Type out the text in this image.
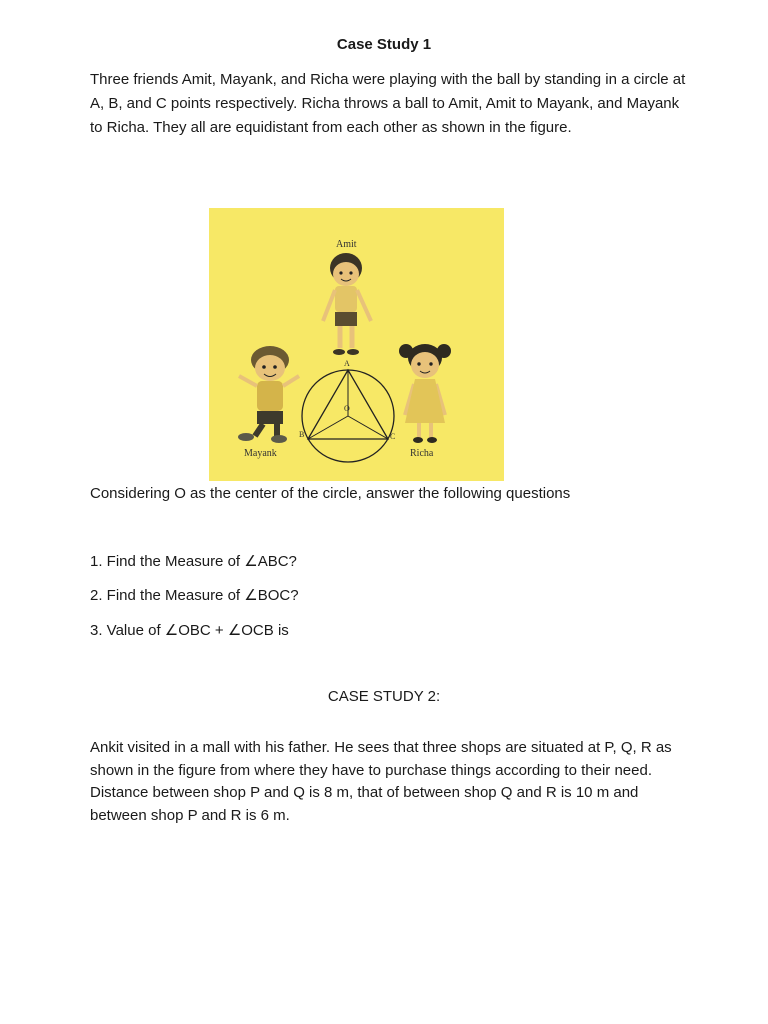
Case Study 1

Three friends Amit, Mayank, and Richa were playing with the ball by standing in a circle at A, B, and C points respectively. Richa throws a ball to Amit, Amit to Mayank, and Mayank to Richa. They all are equidistant from each other as shown in the figure.

Amit
Mayank	Richa
A
B	C
O

Considering O as the center of the circle, answer the following questions

1. Find the Measure of ∠ABC?
2. Find the Measure of ∠BOC?
3. Value of ∠OBC + ∠OCB is
CASE STUDY 2:

Ankit visited in a mall with his father. He sees that three shops are situated at P, Q, R as shown in the figure from where they have to purchase things according to their need. Distance between shop P and Q is 8 m, that of between shop Q and R is 10 m and between shop P and R is 6 m.
